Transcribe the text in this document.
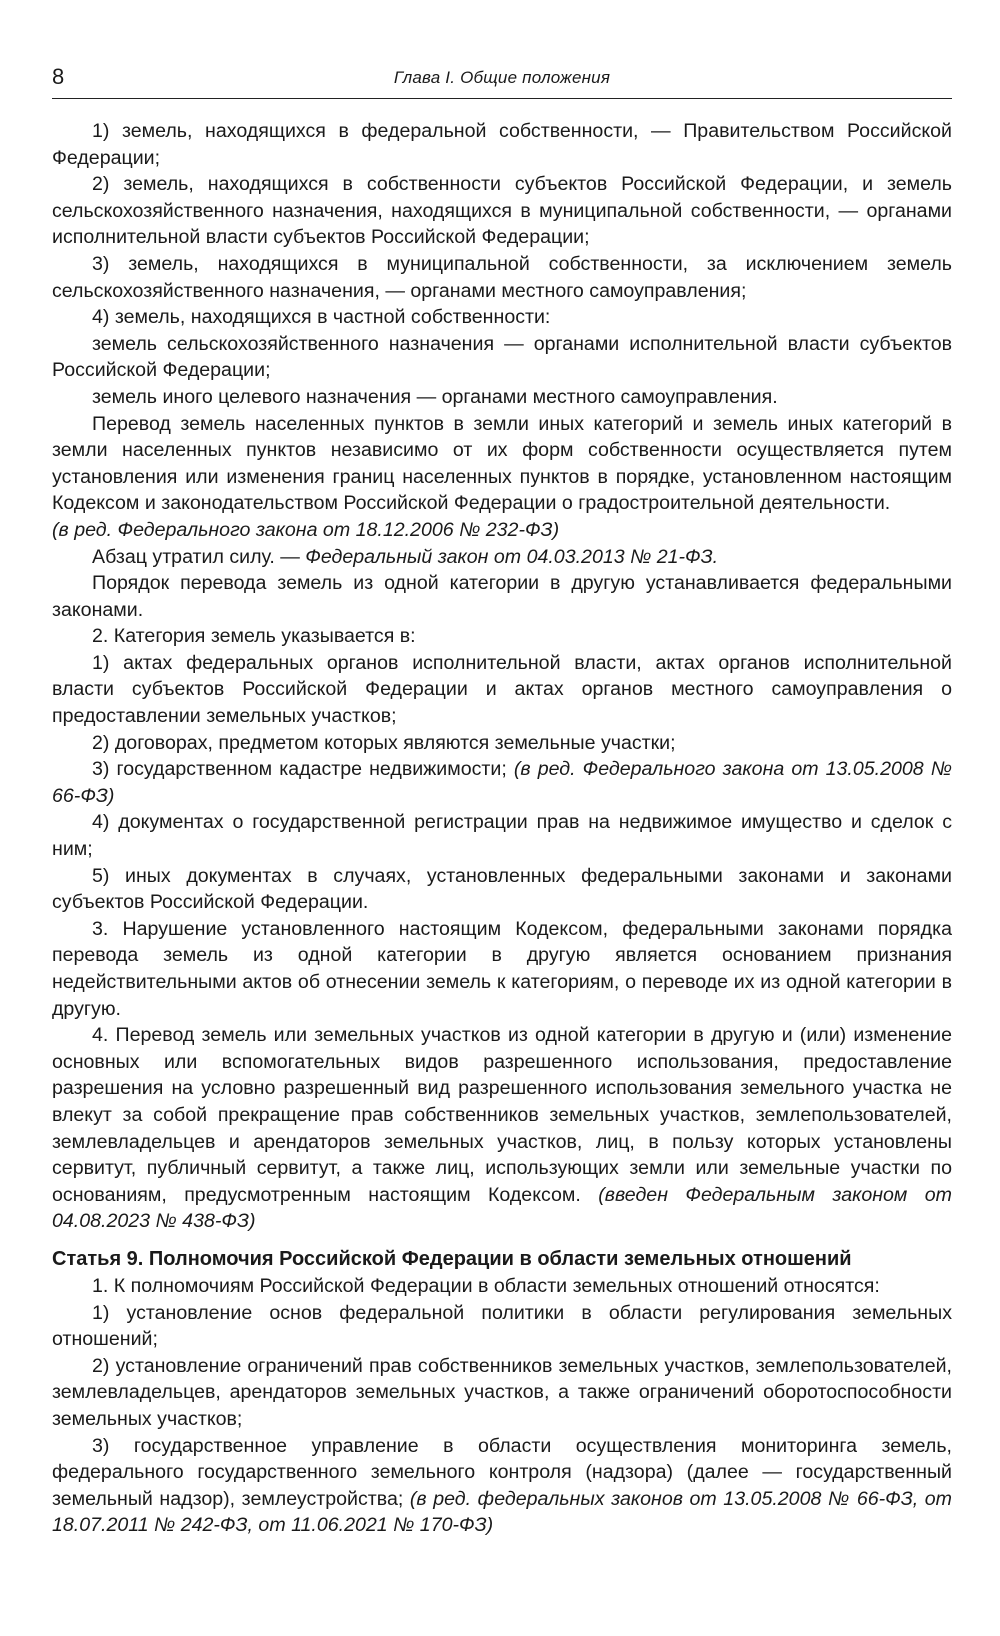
8	Глава I. Общие положения

1) земель, находящихся в федеральной собственности, — Правительством Российской Федерации;

2) земель, находящихся в собственности субъектов Российской Федерации, и земель сельскохозяйственного назначения, находящихся в муниципальной собственности, — органами исполнительной власти субъектов Российской Федерации;

3) земель, находящихся в муниципальной собственности, за исключением земель сельскохозяйственного назначения, — органами местного самоуправления;

4) земель, находящихся в частной собственности:

земель сельскохозяйственного назначения — органами исполнительной власти субъектов Российской Федерации;

земель иного целевого назначения — органами местного самоуправления.

Перевод земель населенных пунктов в земли иных категорий и земель иных категорий в земли населенных пунктов независимо от их форм собственности осуществляется путем установления или изменения границ населенных пунктов в порядке, установленном настоящим Кодексом и законодательством Российской Федерации о градостроительной деятельности.

(в ред. Федерального закона от 18.12.2006 № 232-ФЗ)

Абзац утратил силу. — Федеральный закон от 04.03.2013 № 21-ФЗ.

Порядок перевода земель из одной категории в другую устанавливается федеральными законами.

2. Категория земель указывается в:

1) актах федеральных органов исполнительной власти, актах органов исполнительной власти субъектов Российской Федерации и актах органов местного самоуправления о предоставлении земельных участков;

2) договорах, предметом которых являются земельные участки;

3) государственном кадастре недвижимости; (в ред. Федерального закона от 13.05.2008 № 66-ФЗ)

4) документах о государственной регистрации прав на недвижимое имущество и сделок с ним;

5) иных документах в случаях, установленных федеральными законами и законами субъектов Российской Федерации.

3. Нарушение установленного настоящим Кодексом, федеральными законами порядка перевода земель из одной категории в другую является основанием признания недействительными актов об отнесении земель к категориям, о переводе их из одной категории в другую.

4. Перевод земель или земельных участков из одной категории в другую и (или) изменение основных или вспомогательных видов разрешенного использования, предоставление разрешения на условно разрешенный вид разрешенного использования земельного участка не влекут за собой прекращение прав собственников земельных участков, землепользователей, землевладельцев и арендаторов земельных участков, лиц, в пользу которых установлены сервитут, публичный сервитут, а также лиц, использующих земли или земельные участки по основаниям, предусмотренным настоящим Кодексом. (введен Федеральным законом от 04.08.2023 № 438-ФЗ)

Статья 9. Полномочия Российской Федерации в области земельных отношений

1. К полномочиям Российской Федерации в области земельных отношений относятся:

1) установление основ федеральной политики в области регулирования земельных отношений;

2) установление ограничений прав собственников земельных участков, землепользователей, землевладельцев, арендаторов земельных участков, а также ограничений оборотоспособности земельных участков;

3) государственное управление в области осуществления мониторинга земель, федерального государственного земельного контроля (надзора) (далее — государственный земельный надзор), землеустройства; (в ред. федеральных законов от 13.05.2008 № 66-ФЗ, от 18.07.2011 № 242-ФЗ, от 11.06.2021 № 170-ФЗ)
